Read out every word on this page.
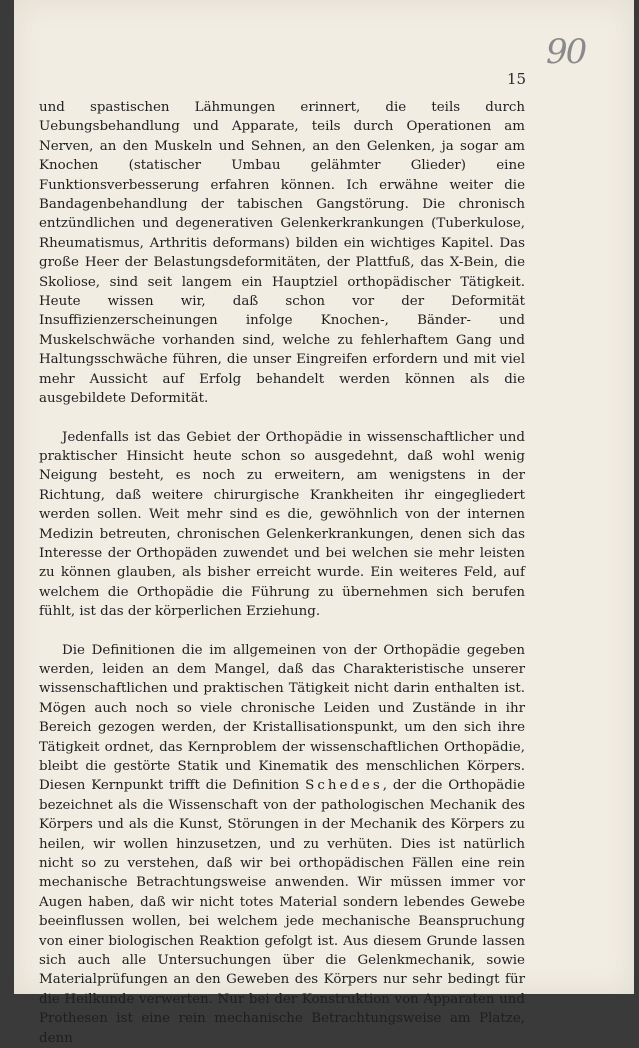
90
15

und spastischen Lähmungen erinnert, die teils durch Uebungsbehandlung und Apparate, teils durch Operationen am Nerven, an den Muskeln und Sehnen, an den Gelenken, ja sogar am Knochen (statischer Umbau gelähmter Glieder) eine Funktionsverbesserung erfahren können. Ich erwähne weiter die Bandagenbehandlung der tabischen Gangstörung. Die chronisch entzündlichen und degenerativen Gelenkerkrankungen (Tuberkulose, Rheumatismus, Arthritis deformans) bilden ein wichtiges Kapitel. Das große Heer der Belastungsdeformitäten, der Plattfuß, das X-Bein, die Skoliose, sind seit langem ein Hauptziel orthopädischer Tätigkeit. Heute wissen wir, daß schon vor der Deformität Insuffizienzerscheinungen infolge Knochen-, Bänder- und Muskelschwäche vorhanden sind, welche zu fehlerhaftem Gang und Haltungsschwäche führen, die unser Eingreifen erfordern und mit viel mehr Aussicht auf Erfolg behandelt werden können als die ausgebildete Deformität.

Jedenfalls ist das Gebiet der Orthopädie in wissenschaftlicher und praktischer Hinsicht heute schon so ausgedehnt, daß wohl wenig Neigung besteht, es noch zu erweitern, am wenigstens in der Richtung, daß weitere chirurgische Krankheiten ihr eingegliedert werden sollen. Weit mehr sind es die, gewöhnlich von der internen Medizin betreuten, chronischen Gelenkerkrankungen, denen sich das Interesse der Orthopäden zuwendet und bei welchen sie mehr leisten zu können glauben, als bisher erreicht wurde. Ein weiteres Feld, auf welchem die Orthopädie die Führung zu übernehmen sich berufen fühlt, ist das der körperlichen Erziehung.

Die Definitionen die im allgemeinen von der Orthopädie gegeben werden, leiden an dem Mangel, daß das Charakteristische unserer wissenschaftlichen und praktischen Tätigkeit nicht darin enthalten ist. Mögen auch noch so viele chronische Leiden und Zustände in ihr Bereich gezogen werden, der Kristallisationspunkt, um den sich ihre Tätigkeit ordnet, das Kernproblem der wissenschaftlichen Orthopädie, bleibt die gestörte Statik und Kinematik des menschlichen Körpers. Diesen Kernpunkt trifft die Definition Schedes, der die Orthopädie bezeichnet als die Wissenschaft von der pathologischen Mechanik des Körpers und als die Kunst, Störungen in der Mechanik des Körpers zu heilen, wir wollen hinzusetzen, und zu verhüten. Dies ist natürlich nicht so zu verstehen, daß wir bei orthopädischen Fällen eine rein mechanische Betrachtungsweise anwenden. Wir müssen immer vor Augen haben, daß wir nicht totes Material sondern lebendes Gewebe beeinflussen wollen, bei welchem jede mechanische Beanspruchung von einer biologischen Reaktion gefolgt ist. Aus diesem Grunde lassen sich auch alle Untersuchungen über die Gelenkmechanik, sowie Materialprüfungen an den Geweben des Körpers nur sehr bedingt für die Heilkunde verwerten. Nur bei der Konstruktion von Apparaten und Prothesen ist eine rein mechanische Betrachtungsweise am Platze, denn
